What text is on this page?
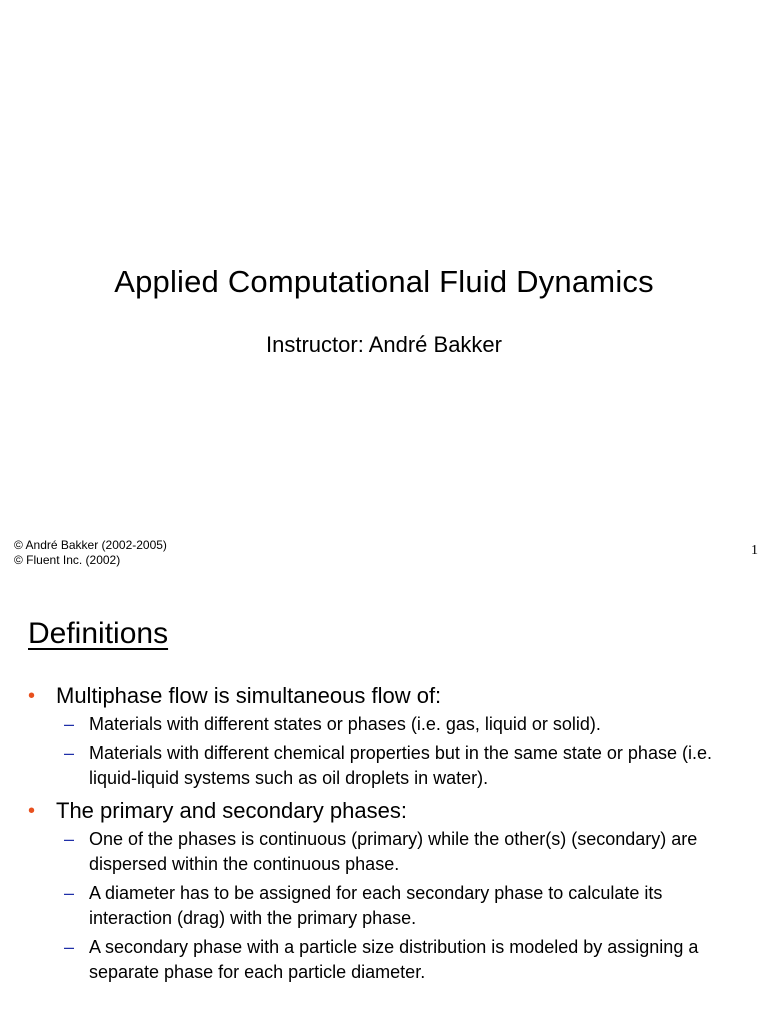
Applied Computational Fluid Dynamics
Instructor: André Bakker
© André Bakker (2002-2005)
© Fluent Inc. (2002)
1
Definitions
• Multiphase flow is simultaneous flow of:
– Materials with different states or phases (i.e. gas, liquid or solid).
– Materials with different chemical properties but in the same state or phase (i.e. liquid-liquid systems such as oil droplets in water).
• The primary and secondary phases:
– One of the phases is continuous (primary) while the other(s) (secondary) are dispersed within the continuous phase.
– A diameter has to be assigned for each secondary phase to calculate its interaction (drag) with the primary phase.
– A secondary phase with a particle size distribution is modeled by assigning a separate phase for each particle diameter.
